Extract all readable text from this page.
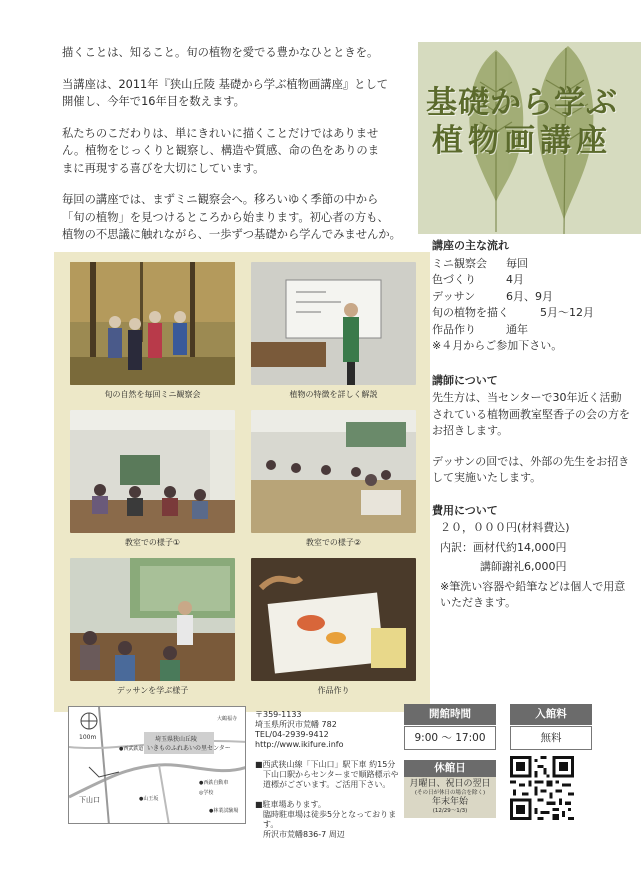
基礎から学ぶ
植物画講座

描くことは、知ること。旬の植物を愛でる豊かなひとときを。

当講座は、2011年『狭山丘陵 基礎から学ぶ植物画講座』として
開催し、今年で16年目を数えます。

私たちのこだわりは、単にきれいに描くことだけではありませ
ん。植物をじっくりと観察し、構造や質感、命の色をありのま
まに再現する喜びを大切にしています。

毎回の講座では、まずミニ観察会へ。移ろいゆく季節の中から
「旬の植物」を見つけるところから始まります。初心者の方も、
植物の不思議に触れながら、一歩ずつ基礎から学んでみませんか。

旬の自然を毎回ミニ観察会	植物の特徴を詳しく解説
教室での様子①	教室での様子②
デッサンを学ぶ様子	作品作り
講座の主な流れ
ミニ観察会	毎回
色づくり	4月
デッサン	6月、9月
旬の植物を描く	5月～12月
作品作り	通年
※４月からご参加下さい。
講師について
先生方は、当センターで30年近く活動されている植物画教室堅香子の会の方をお招きします。
デッサンの回では、外部の先生をお招きして実施いたします。
費用について
２０，０００円(材料費込)
内訳：画材代約14,000円
講師謝礼6,000円
※筆洗い容器や鉛筆などは個人で用意いただきます。
100m	埼玉県狭山丘陵
いきものふれあいの里センター
下山口
大鶴福寺
●西武鉄道
●山王坂
●西鉄自動車
●林業試験場
◎学校
〒359-1133
埼玉県所沢市荒幡 782
TEL/04-2939-9412
http://www.ikifure.info
■西武狭山線「下山口」駅下車 約15分
下山口駅からセンターまで順路標示や
道標がございます。ご活用下さい。
■駐車場あります。
臨時駐車場は徒歩5分となっております。
所沢市荒幡836-7 周辺
開館時間
9:00 ～ 17:00
入館料
無料
休館日
月曜日、祝日の翌日
(その日が休日の場合を除く)
年末年始
(12/29～1/3)
